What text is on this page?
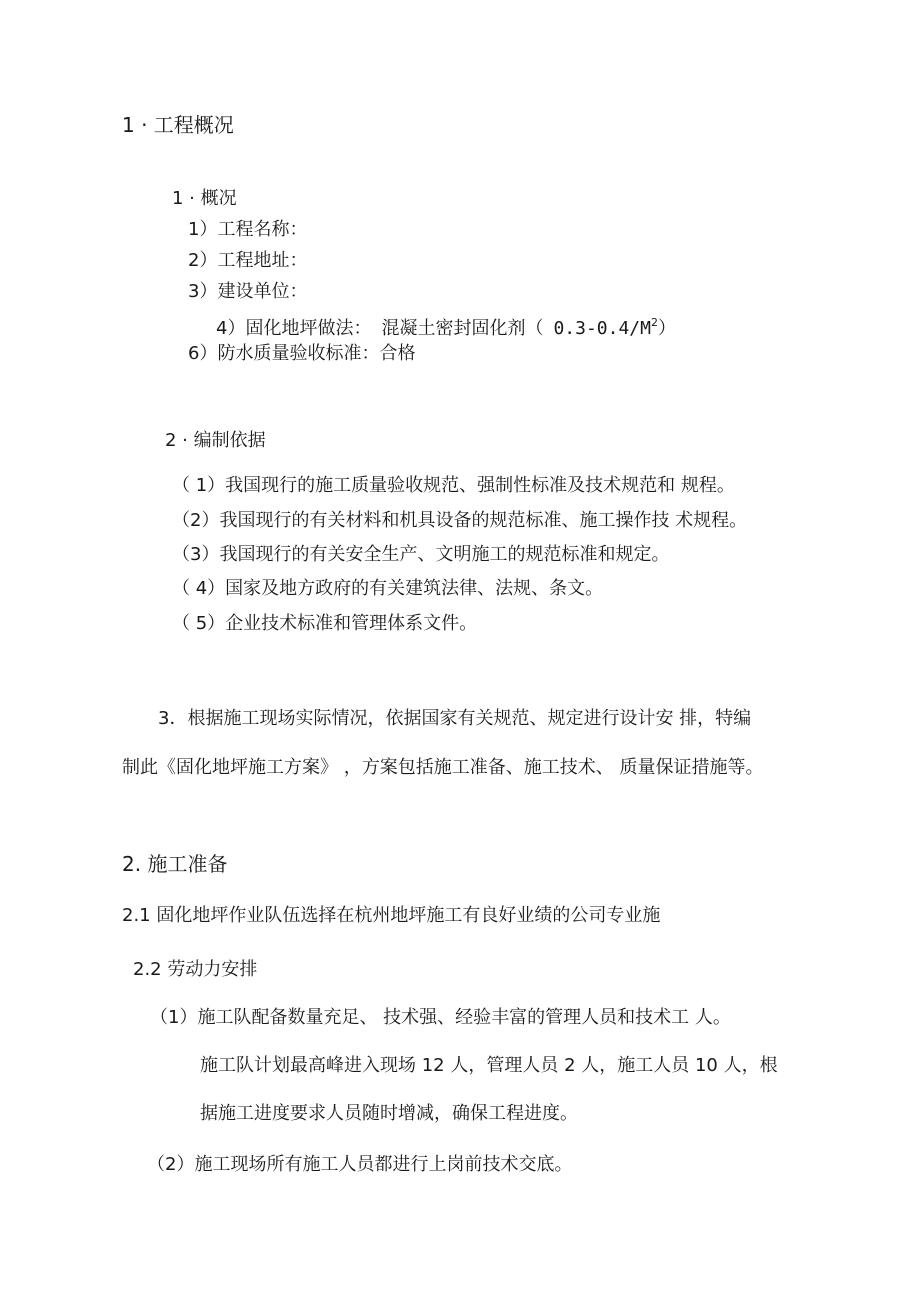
1 · 工程概况
1 · 概况
1）工程名称：
2）工程地址：
3）建设单位：
4）固化地坪做法： 混凝土密封固化剂（ $0.3-0.4/M^2$）
6）防水质量验收标准：合格
2 · 编制依据
（ 1）我国现行的施工质量验收规范、强制性标准及技术规范和 规程。
（2）我国现行的有关材料和机具设备的规范标准、施工操作技 术规程。
（3）我国现行的有关安全生产、文明施工的规范标准和规定。
（ 4）国家及地方政府的有关建筑法律、法规、条文。
（ 5）企业技术标准和管理体系文件。
3．根据施工现场实际情况，依据国家有关规范、规定进行设计安 排，特编
制此《固化地坪施工方案》 ，方案包括施工准备、施工技术、 质量保证措施等。
2. 施工准备
2.1 固化地坪作业队伍选择在杭州地坪施工有良好业绩的公司专业施
2.2 劳动力安排
（1）施工队配备数量充足、 技术强、经验丰富的管理人员和技术工 人。
施工队计划最高峰进入现场 12 人，管理人员 2 人，施工人员 10 人，根
据施工进度要求人员随时增减，确保工程进度。
（2）施工现场所有施工人员都进行上岗前技术交底。
